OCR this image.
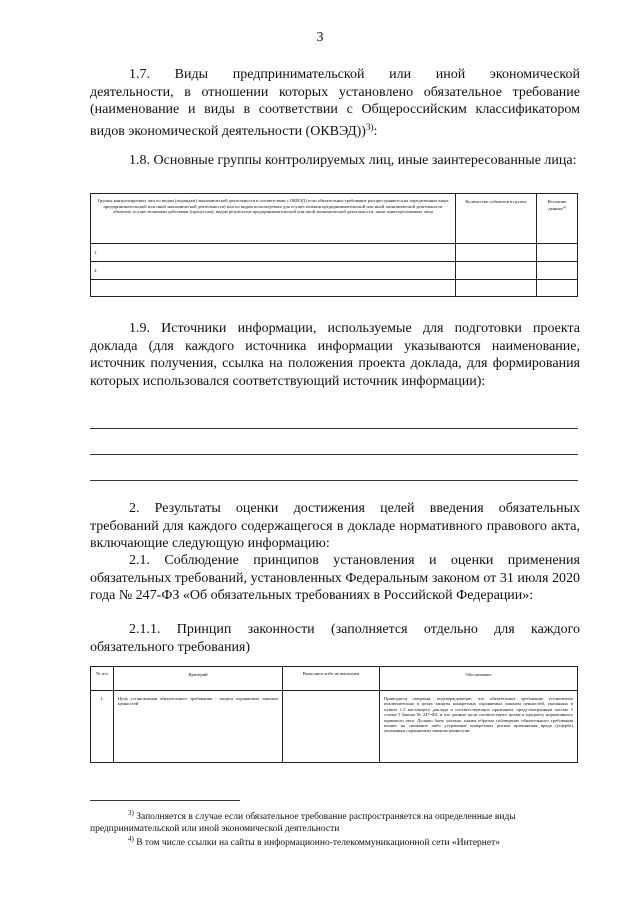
3
1.7. Виды предпринимательской или иной экономической
деятельности, в отношении которых установлено обязательное требование (наименование и виды в соответствии с Общероссийским классификатором видов экономической деятельности (ОКВЭД))$^{3)}$:
1.8. Основные группы контролируемых лиц, иные заинтересованные лица:
Группы контролируемых лиц по видам (подвидам) экономической деятельности в соответствии с ОКВЭД (если обязательное требование распространяется на определенные виды предпринимательской или иной экономической деятельности) или по видам используемых для осуществления предпринимательской или иной экономической деятельности объектов, осуществляемым действиям (процессам), видам результатов предпринимательской или иной экономической деятельности, иные заинтересованные лица	Количество субъектов в группе	Источник данных$^{4)}$
1.		
2.		

1.9. Источники информации, используемые для подготовки проекта
доклада (для каждого источника информации указываются наименование, источник получения, ссылка на положения проекта доклада, для формирования которых использовался соответствующий источник информации):
2. Результаты оценки достижения целей введения обязательных
требований для каждого содержащегося в докладе нормативного правового акта, включающие следующую информацию:
2.1. Соблюдение принципов установления и оценки применения
обязательных требований, установленных Федеральным законом от 31 июля 2020 года № 247-ФЗ «Об обязательных требованиях в Российской Федерации»:
2.1.1. Принцип законности (заполняется отдельно для каждого
обязательного требования)
№ п/п	Критерий	Выполнен либо не выполнен	Обоснование
1.	Цель установления обязательного требования - защита охраняемых законом ценностей		Приводятся сведения, подтверждающие, что обязательное требование установлено исключительно в целях защиты конкретных охраняемых законом ценностей, указанных в пункте 1.5 настоящего доклада и соответствующих признаком, предусмотренным частью 1 статьи 5 Закона № 247-ФЗ, и что данные цели соответствуют целям и предмету нормативного правового акта. Должно быть указано, каким образом соблюдение обязательного требования влияет на снижение либо устранение конкретных рисков причинения вреда (ущерба) указанным охраняемым законом ценностям
$^{3)}$ Заполняется в случае если обязательное требование распространяется на определенные виды предпринимательской или иной экономической деятельности
$^{4)}$ В том числе ссылки на сайты в информационно-телекоммуникационной сети «Интернет»
